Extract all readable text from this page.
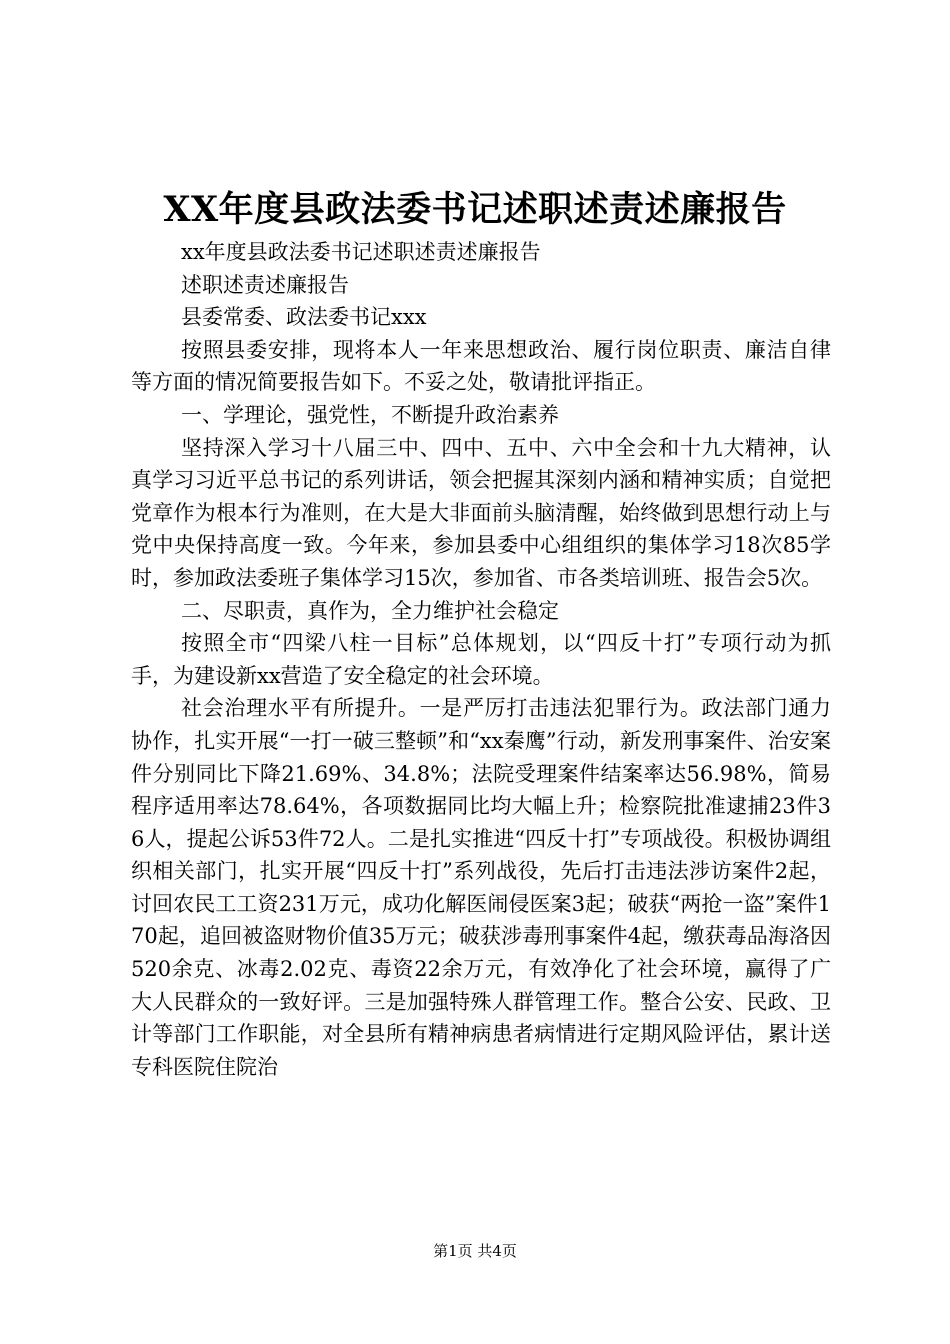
XX年度县政法委书记述职述责述廉报告

xx年度县政法委书记述职述责述廉报告

述职述责述廉报告

县委常委、政法委书记xxx

按照县委安排，现将本人一年来思想政治、履行岗位职责、廉洁自律等方面的情况简要报告如下。不妥之处，敬请批评指正。

一、学理论，强党性，不断提升政治素养

坚持深入学习十八届三中、四中、五中、六中全会和十九大精神，认真学习习近平总书记的系列讲话，领会把握其深刻内涵和精神实质；自觉把党章作为根本行为准则，在大是大非面前头脑清醒，始终做到思想行动上与党中央保持高度一致。今年来，参加县委中心组组织的集体学习18次85学时，参加政法委班子集体学习15次，参加省、市各类培训班、报告会5次。

二、尽职责，真作为，全力维护社会稳定

按照全市“四梁八柱一目标”总体规划，以“四反十打”专项行动为抓手，为建设新xx营造了安全稳定的社会环境。

社会治理水平有所提升。一是严厉打击违法犯罪行为。政法部门通力协作，扎实开展“一打一破三整顿”和“xx秦鹰”行动，新发刑事案件、治安案件分别同比下降21.69%、34.8%；法院受理案件结案率达56.98%，简易程序适用率达78.64%，各项数据同比均大幅上升；检察院批准逮捕23件36人，提起公诉53件72人。二是扎实推进“四反十打”专项战役。积极协调组织相关部门，扎实开展“四反十打”系列战役，先后打击违法涉访案件2起，讨回农民工工资231万元，成功化解医闹侵医案3起；破获“两抢一盗”案件170起，追回被盗财物价值35万元；破获涉毒刑事案件4起，缴获毒品海洛因520余克、冰毒2.02克、毒资22余万元，有效净化了社会环境，赢得了广大人民群众的一致好评。三是加强特殊人群管理工作。整合公安、民政、卫计等部门工作职能，对全县所有精神病患者病情进行定期风险评估，累计送专科医院住院治

第1页 共4页
